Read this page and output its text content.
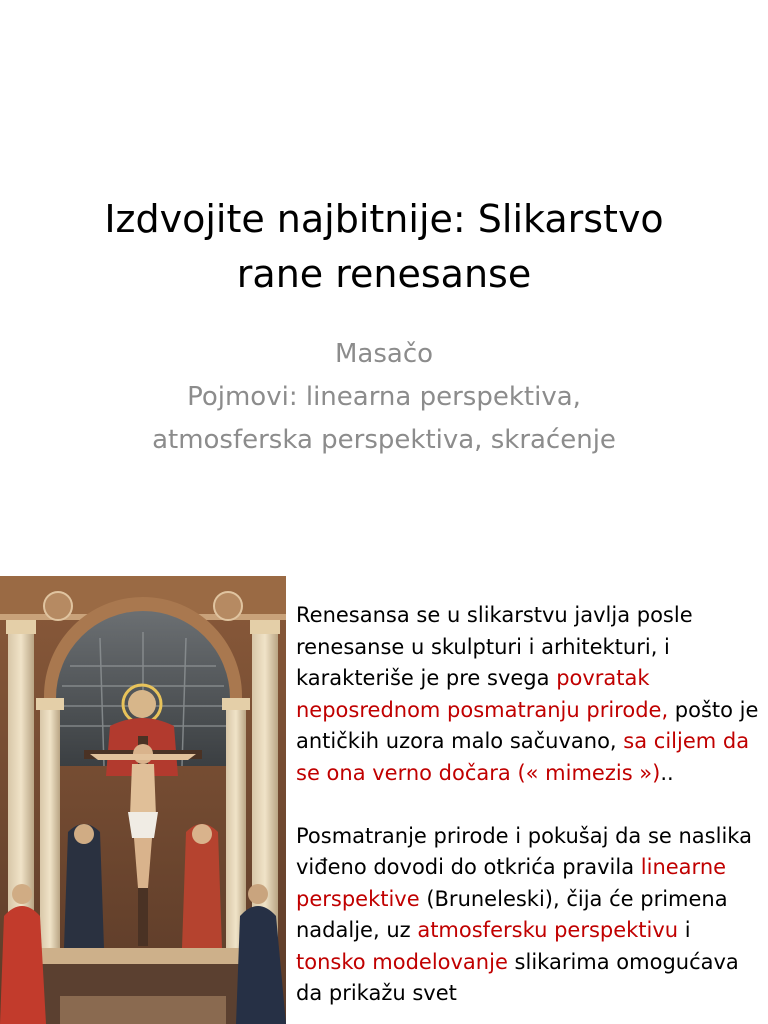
Izdvojite najbitnije: Slikarstvo
rane renesanse
Masačo
Pojmovi: linearna perspektiva,
atmosferska perspektiva, skraćenje

Renesansa se u slikarstvu javlja posle renesanse u skulpturi i arhitekturi, i karakteriše je pre svega povratak neposrednom posmatranju prirode, pošto je antičkih uzora malo sačuvano, sa ciljem da se ona verno dočara (« mimezis »)..

Posmatranje prirode i pokušaj da se naslika viđeno dovodi do otkrića pravila linearne perspektive (Bruneleski), čija će primena nadalje, uz atmosfersku perspektivu i tonsko modelovanje slikarima omogućava da prikažu svet
